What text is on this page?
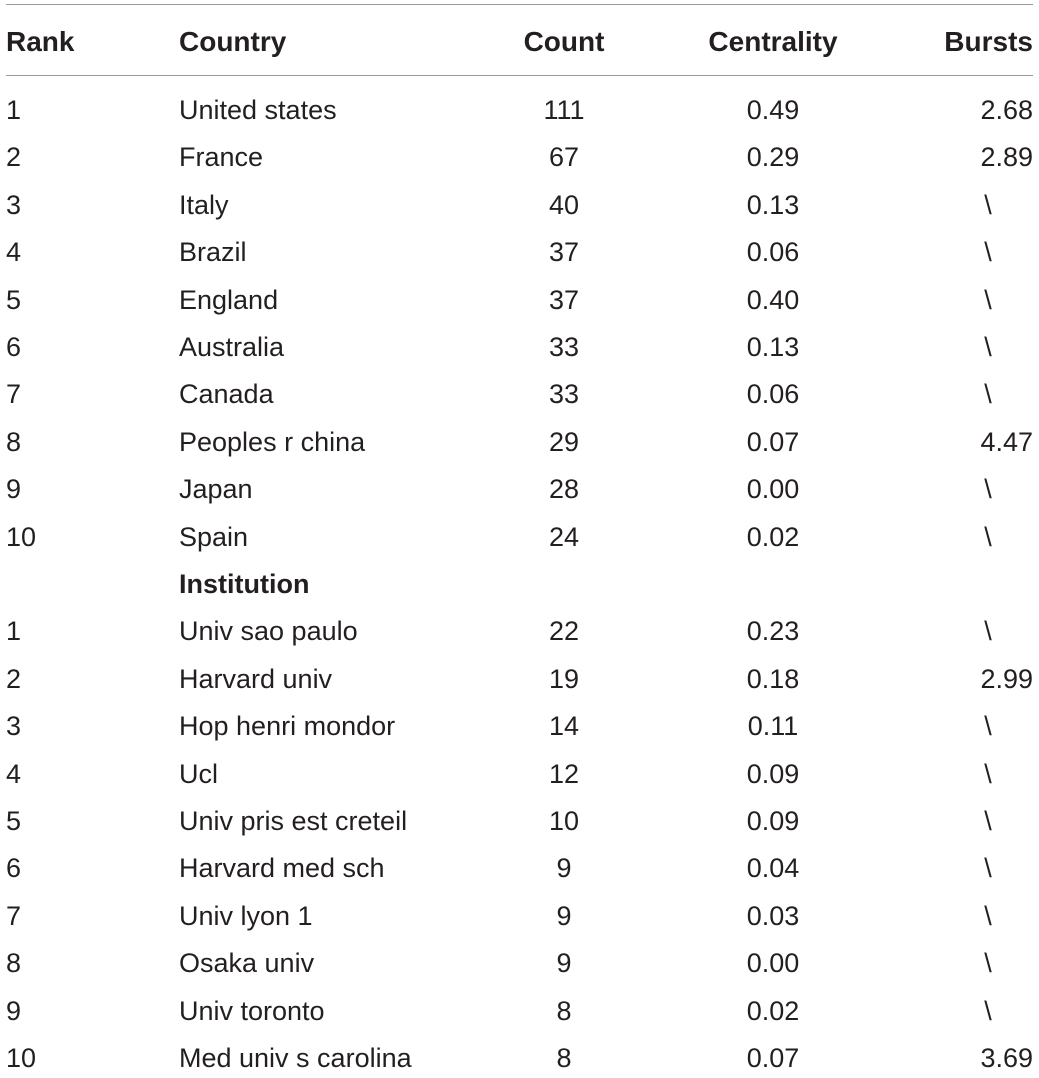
Rank	Country	Count	Centrality	Bursts
1	United states	111	0.49	2.68
2	France	67	0.29	2.89
3	Italy	40	0.13	\
4	Brazil	37	0.06	\
5	England	37	0.40	\
6	Australia	33	0.13	\
7	Canada	33	0.06	\
8	Peoples r china	29	0.07	4.47
9	Japan	28	0.00	\
10	Spain	24	0.02	\
Institution
1	Univ sao paulo	22	0.23	\
2	Harvard univ	19	0.18	2.99
3	Hop henri mondor	14	0.11	\
4	Ucl	12	0.09	\
5	Univ pris est creteil	10	0.09	\
6	Harvard med sch	9	0.04	\
7	Univ lyon 1	9	0.03	\
8	Osaka univ	9	0.00	\
9	Univ toronto	8	0.02	\
10	Med univ s carolina	8	0.07	3.69
